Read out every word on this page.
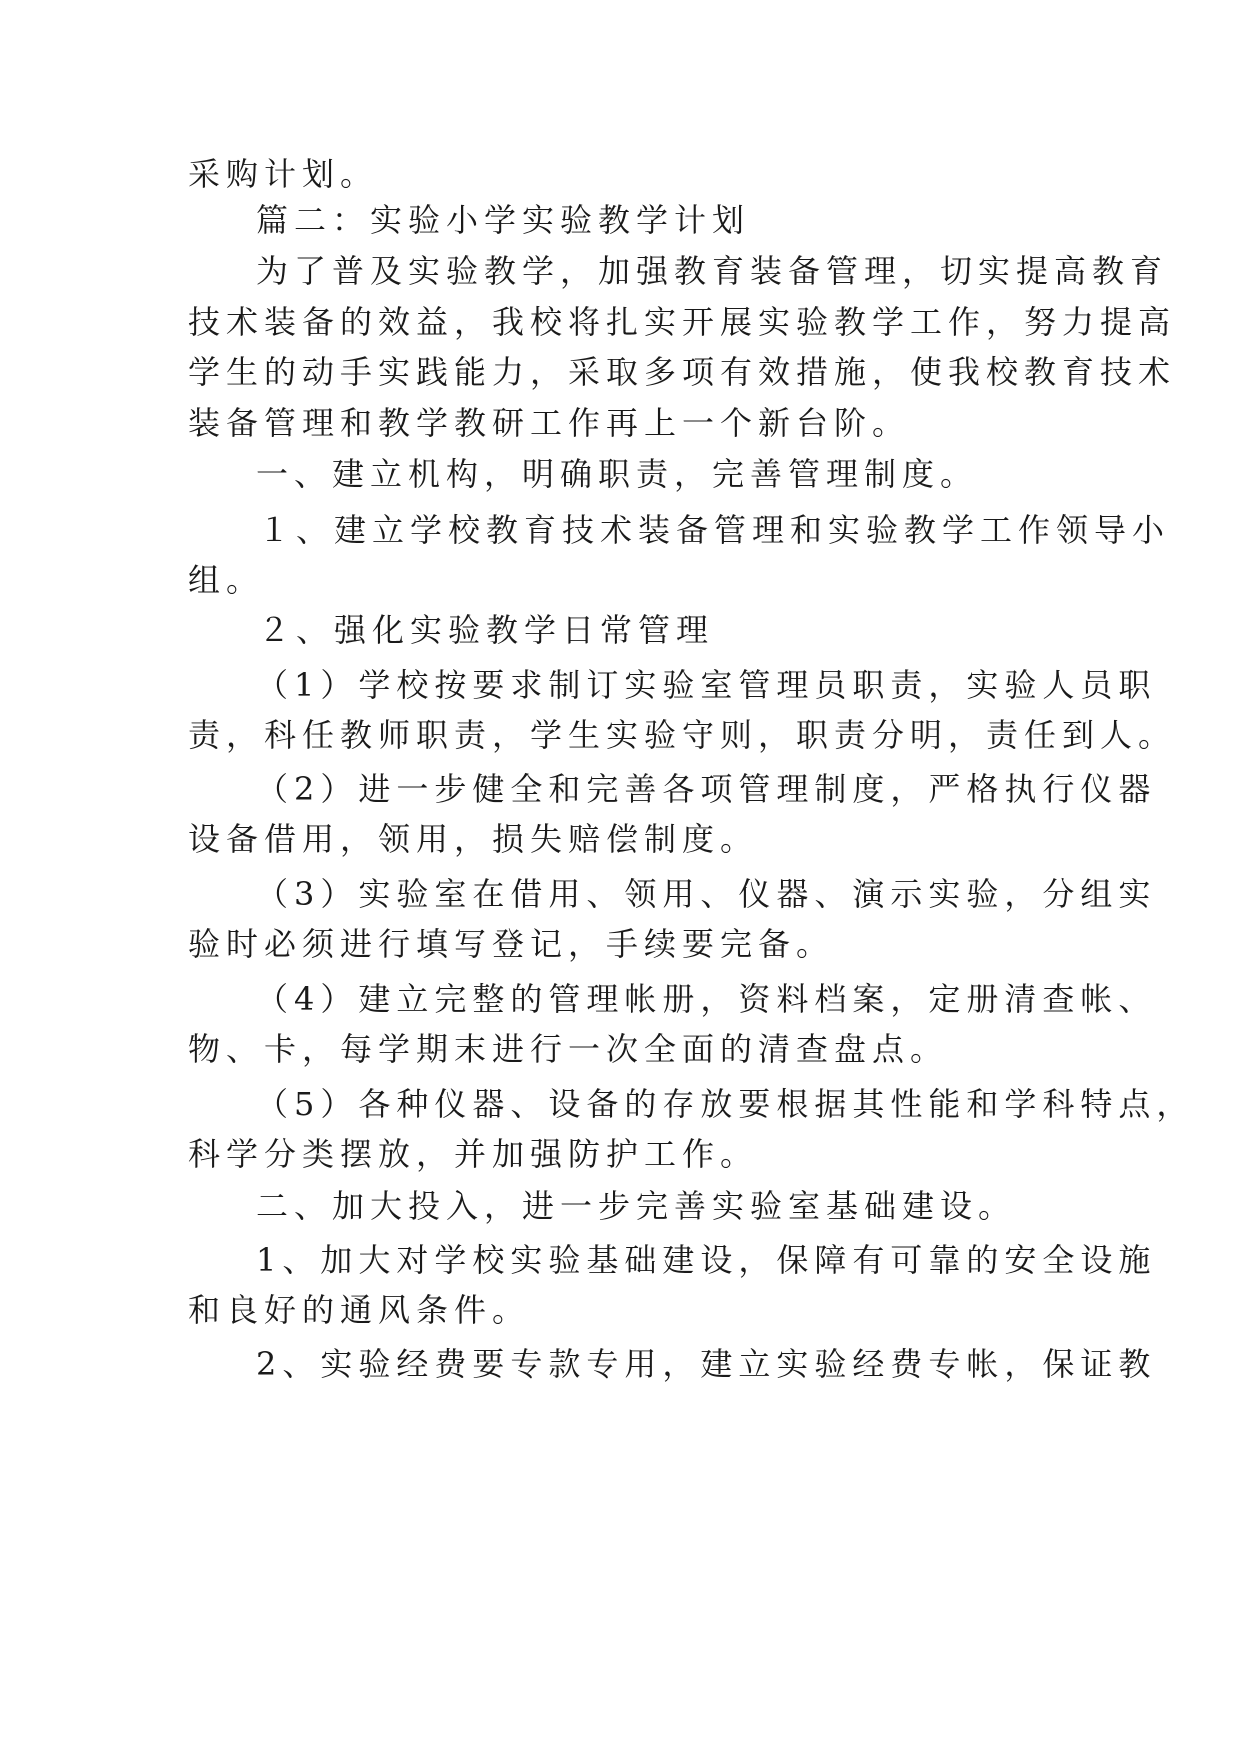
采购计划。
篇二：实验小学实验教学计划
为了普及实验教学，加强教育装备管理，切实提高教育
技术装备的效益，我校将扎实开展实验教学工作，努力提高
学生的动手实践能力，采取多项有效措施，使我校教育技术
装备管理和教学教研工作再上一个新台阶。
一、建立机构，明确职责，完善管理制度。
１、建立学校教育技术装备管理和实验教学工作领导小
组。
２、强化实验教学日常管理
（1）学校按要求制订实验室管理员职责，实验人员职
责，科任教师职责，学生实验守则，职责分明，责任到人。
（2）进一步健全和完善各项管理制度，严格执行仪器
设备借用，领用，损失赔偿制度。
（3）实验室在借用、领用、仪器、演示实验，分组实
验时必须进行填写登记，手续要完备。
（4）建立完整的管理帐册，资料档案，定册清查帐、
物、卡，每学期末进行一次全面的清查盘点。
（5）各种仪器、设备的存放要根据其性能和学科特点，
科学分类摆放，并加强防护工作。
二、加大投入，进一步完善实验室基础建设。
1、加大对学校实验基础建设，保障有可靠的安全设施
和良好的通风条件。
2、实验经费要专款专用，建立实验经费专帐，保证教
